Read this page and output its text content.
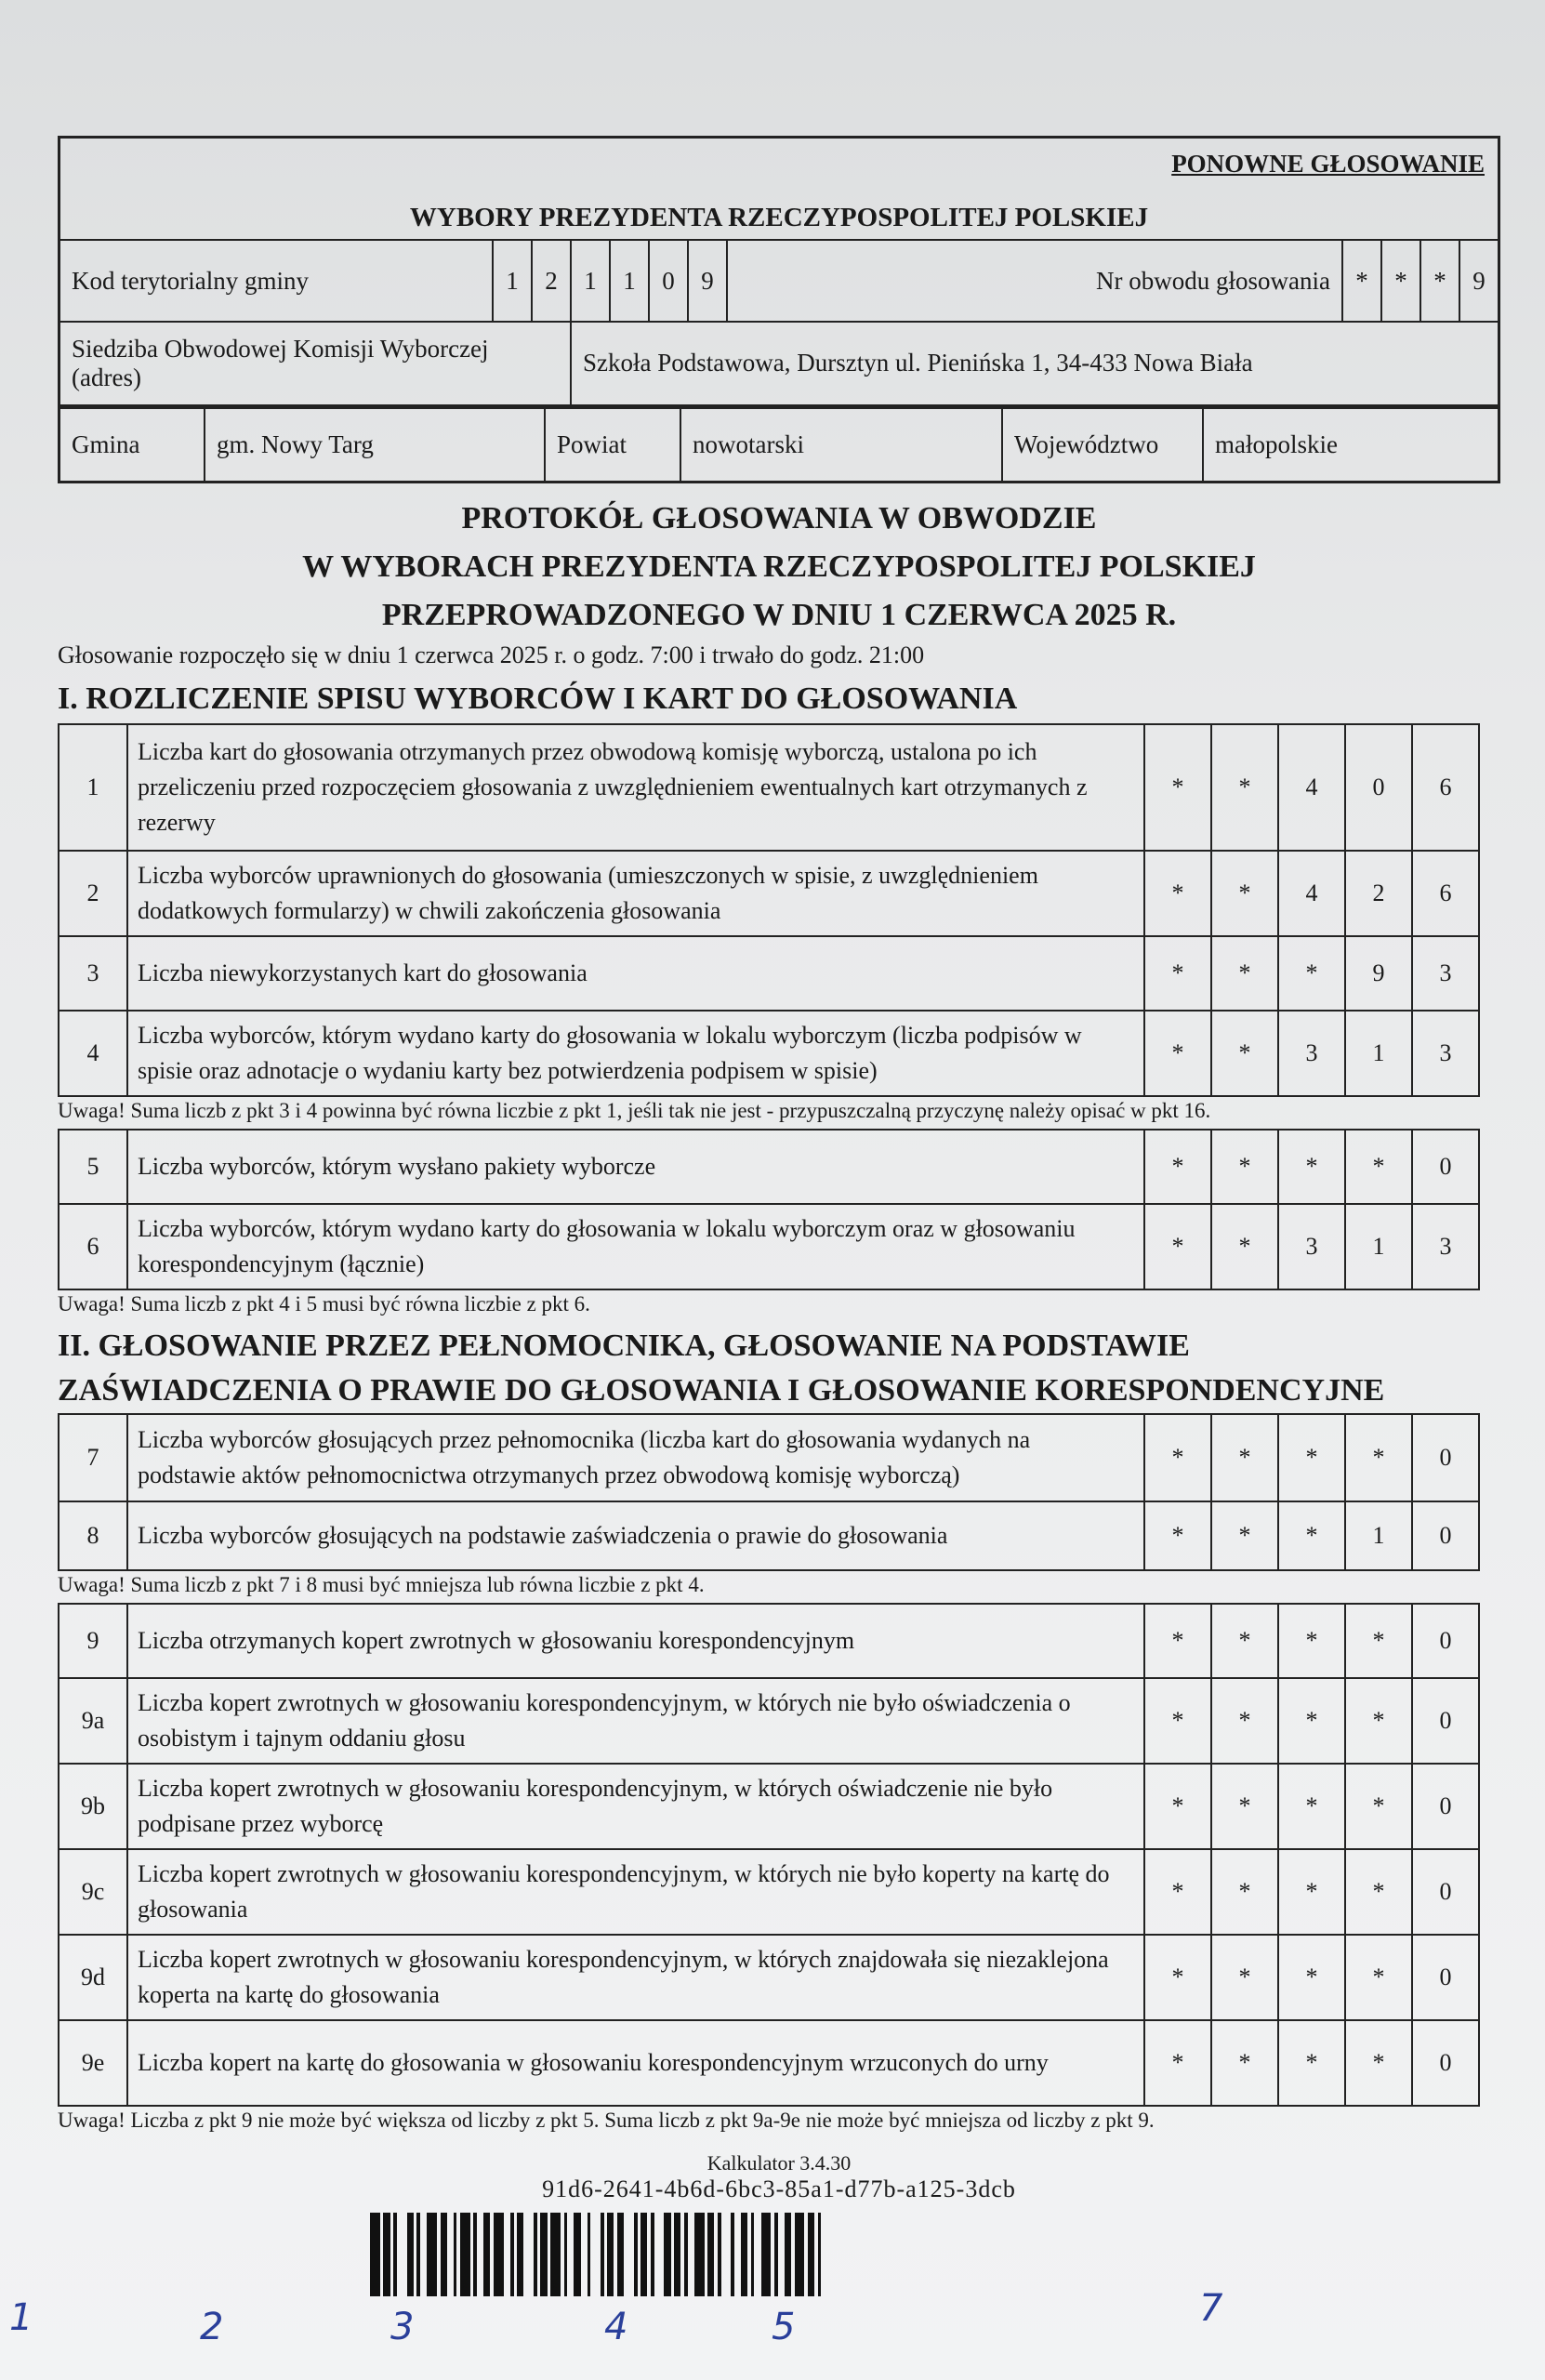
PONOWNE GŁOSOWANIE
WYBORY PREZYDENTA RZECZYPOSPOLITEJ POLSKIEJ											

Kod terytorialny gminy	1	2	1	1	0	9	Nr obwodu głosowania	*	*	*	9
Siedziba Obwodowej Komisji Wyborczej (adres)			Szkoła Podstawowa, Dursztyn ul. Pienińska 1, 34-433 Nowa Biała								
Gmina	gm. Nowy Targ	Powiat	nowotarski	Województwo	małopolskie
PROTOKÓŁ GŁOSOWANIA W OBWODZIE
W WYBORACH PREZYDENTA RZECZYPOSPOLITEJ POLSKIEJ
PRZEPROWADZONEGO W DNIU 1 CZERWCA 2025 R.
Głosowanie rozpoczęło się w dniu 1 czerwca 2025 r. o godz. 7:00 i trwało do godz. 21:00
I. ROZLICZENIE SPISU WYBORCÓW I KART DO GŁOSOWANIA
1	Liczba kart do głosowania otrzymanych przez obwodową komisję wyborczą, ustalona po ich przeliczeniu przed rozpoczęciem głosowania z uwzględnieniem ewentualnych kart otrzymanych z rezerwy	*	*	4	0	6
2	Liczba wyborców uprawnionych do głosowania (umieszczonych w spisie, z uwzględnieniem dodatkowych formularzy) w chwili zakończenia głosowania	*	*	4	2	6
3	Liczba niewykorzystanych kart do głosowania	*	*	*	9	3
4	Liczba wyborców, którym wydano karty do głosowania w lokalu wyborczym (liczba podpisów w spisie oraz adnotacje o wydaniu karty bez potwierdzenia podpisem w spisie)	*	*	3	1	3
Uwaga! Suma liczb z pkt 3 i 4 powinna być równa liczbie z pkt 1, jeśli tak nie jest - przypuszczalną przyczynę należy opisać w pkt 16.
5	Liczba wyborców, którym wysłano pakiety wyborcze	*	*	*	*	0
6	Liczba wyborców, którym wydano karty do głosowania w lokalu wyborczym oraz w głosowaniu korespondencyjnym (łącznie)	*	*	3	1	3
Uwaga! Suma liczb z pkt 4 i 5 musi być równa liczbie z pkt 6.
II. GŁOSOWANIE PRZEZ PEŁNOMOCNIKA, GŁOSOWANIE NA PODSTAWIE
ZAŚWIADCZENIA O PRAWIE DO GŁOSOWANIA I GŁOSOWANIE KORESPONDENCYJNE
7	Liczba wyborców głosujących przez pełnomocnika (liczba kart do głosowania wydanych na podstawie aktów pełnomocnictwa otrzymanych przez obwodową komisję wyborczą)	*	*	*	*	0
8	Liczba wyborców głosujących na podstawie zaświadczenia o prawie do głosowania	*	*	*	1	0
Uwaga! Suma liczb z pkt 7 i 8 musi być mniejsza lub równa liczbie z pkt 4.
9	Liczba otrzymanych kopert zwrotnych w głosowaniu korespondencyjnym	*	*	*	*	0
9a	Liczba kopert zwrotnych w głosowaniu korespondencyjnym, w których nie było oświadczenia o osobistym i tajnym oddaniu głosu	*	*	*	*	0
9b	Liczba kopert zwrotnych w głosowaniu korespondencyjnym, w których oświadczenie nie było podpisane przez wyborcę	*	*	*	*	0
9c	Liczba kopert zwrotnych w głosowaniu korespondencyjnym, w których nie było koperty na kartę do głosowania	*	*	*	*	0
9d	Liczba kopert zwrotnych w głosowaniu korespondencyjnym, w których znajdowała się niezaklejona koperta na kartę do głosowania	*	*	*	*	0
9e	Liczba kopert na kartę do głosowania w głosowaniu korespondencyjnym wrzuconych do urny	*	*	*	*	0
Uwaga! Liczba z pkt 9 nie może być większa od liczby z pkt 5. Suma liczb z pkt 9a-9e nie może być mniejsza od liczby z pkt 9.
Kalkulator 3.4.30
91d6-2641-4b6d-6bc3-85a1-d77b-a125-3dcb
1	2	3	4	5	7
